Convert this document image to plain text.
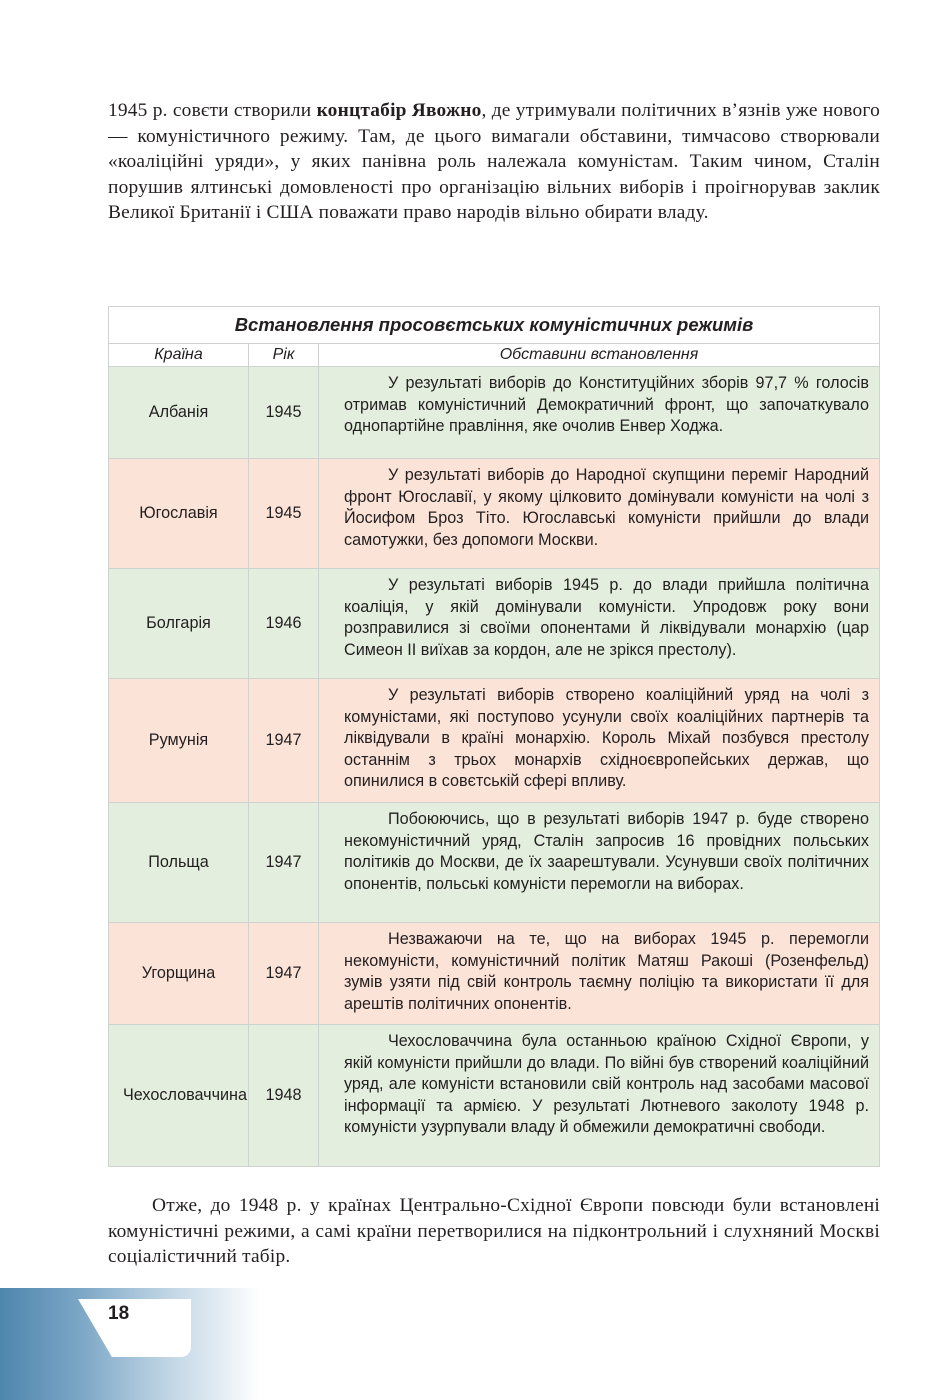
1945 р. совєти створили концтабір Явожно, де утримували політичних в’язнів уже нового — комуністичного режиму. Там, де цього вимагали обставини, тимчасово створювали «коаліційні уряди», у яких панівна роль належала комуністам. Таким чином, Сталін порушив ялтинські домовленості про організацію вільних виборів і проігнорував заклик Великої Британії і США поважати право народів вільно обирати владу.

Встановлення просовєтських комуністичних режимів		
Країна	Рік	Обставини встановлення
Албанія	1945	У результаті виборів до Конституційних зборів 97,7 % голосів отримав комуністичний Демократичний фронт, що започаткувало однопартійне правління, яке очолив Енвер Ходжа.
Югославія	1945	У результаті виборів до Народної скупщини переміг Народний фронт Югославії, у якому цілковито домінували комуністи на чолі з Йосифом Броз Тіто. Югославські комуністи прийшли до влади самотужки, без допомоги Москви.
Болгарія	1946	У результаті виборів 1945 р. до влади прийшла політична коаліція, у якій домінували комуністи. Упродовж року вони розправилися зі своїми опонентами й ліквідували монархію (цар Симеон ІІ виїхав за кордон, але не зрікся престолу).
Румунія	1947	У результаті виборів створено коаліційний уряд на чолі з комуністами, які поступово усунули своїх коаліційних партнерів та ліквідували в країні монархію. Король Міхай позбувся престолу останнім з трьох монархів східноєвропейських держав, що опинилися в совєтській сфері впливу.
Польща	1947	Побоюючись, що в результаті виборів 1947 р. буде створено некомуністичний уряд, Сталін запросив 16 провідних польських політиків до Москви, де їх заарештували. Усунувши своїх політичних опонентів, польські комуністи перемогли на виборах.
Угорщина	1947	Незважаючи на те, що на виборах 1945 р. перемогли некомуністи, комуністичний політик Матяш Ракоші (Розенфельд) зумів узяти під свій контроль таємну поліцію та використати її для арештів політичних опонентів.
Чехословаччина	1948	Чехословаччина була останньою країною Східної Європи, у якій комуністи прийшли до влади. По війні був створений коаліційний уряд, але комуністи встановили свій контроль над засобами масової інформації та армією. У результаті Лютневого заколоту 1948 р. комуністи узурпували владу й обмежили демократичні свободи.

Отже, до 1948 р. у країнах Центрально-Східної Європи повсюди були встановлені комуністичні режими, а самі країни перетворилися на підконтрольний і слухняний Москві соціалістичний табір.

18
